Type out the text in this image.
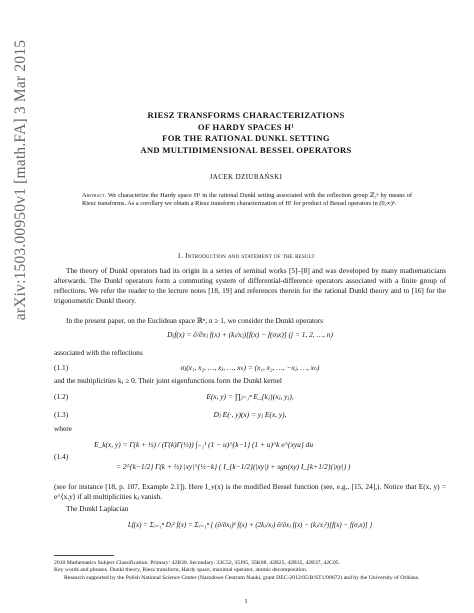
arXiv:1503.00950v1 [math.FA] 3 Mar 2015	RIESZ TRANSFORMS CHARACTERIZATIONS
OF HARDY SPACES H¹
FOR THE RATIONAL DUNKL SETTING
AND MULTIDIMENSIONAL BESSEL OPERATORS
JACEK DZIUBAŃSKI
Abstract. We characterize the Hardy space H¹ in the rational Dunkl setting associated with the reflection group ℤ₂ⁿ by means of Riesz transforms. As a corollary we obtain a Riesz transform characterization of H¹ for product of Bessel operators in (0,∞)ⁿ.
1. Introduction and statement of the result
The theory of Dunkl operators had its origin in a series of seminal works [5]–[8] and was developed by many mathematicians afterwards. The Dunkl operators form a commuting system of differential-difference operators associated with a finite group of reflections. We refer the reader to the lecture notes [18, 19] and references therein for the rational Dunkl theory and to [16] for the trigonometric Dunkl theory.
In the present paper, on the Euclidean space ℝⁿ, n ≥ 1, we consider the Dunkl operators
Dⱼf(x) = ∂/∂xⱼ f(x) + (kⱼ/xⱼ)[f(x) − f(σⱼx)] (j = 1, 2, …, n)
associated with the reflections
(1.1)	σⱼ(x₁, x₂, …, xⱼ, …, xₙ) = (x₁, x₂, …, −xⱼ, …, xₙ)
and the multiplicities kⱼ ≥ 0. Their joint eigenfunctions form the Dunkl kernel
(1.2)	E(x, y) = ∏ⱼ₌₁ⁿ E_{kⱼ}(xⱼ, yⱼ),
(1.3)	Dⱼ E(·, y)(x) = yⱼ E(x, y),
where
(1.4)
E_k(x, y) = Γ(k + ½) / (Γ(k)Γ(½)) ∫₋₁¹ (1 − u)^{k−1} (1 + u)^k e^{xyu} du
= 2^{k−1/2} Γ(k + ½) |xy|^{½−k} ( I_{k−1/2}(|xy|) + sgn(xy) I_{k+1/2}(|xy|) )
(see for instance [18, p. 107, Example 2.1]). Here I_ν(x) is the modified Bessel function (see, e.g., [15, 24],). Notice that E(x, y) = e^⟨x,y⟩ if all multiplicities kⱼ vanish.
The Dunkl Laplacian
Lf(x) = Σⱼ₌₁ⁿ Dⱼ² f(x) = Σⱼ₌₁ⁿ { (∂/∂xⱼ)² f(x) + (2kⱼ/xⱼ) ∂/∂xⱼ f(x) − (kⱼ/xⱼ²)[f(x) − f(σⱼx)] }
2010 Mathematics Subject Classification. Primary: 42B30. Secondary: 33C52, 35J05, 35K08, 42B25, 42B35, 42B37, 42C05.
Key words and phrases. Dunkl theory, Riesz transform, Hardy space, maximal operator, atomic decomposition.
Research supported by the Polish National Science Center (Narodowe Centrum Nauki, grant DEC-2012/05/B/ST1/00672) and by the University of Orléans.
1
